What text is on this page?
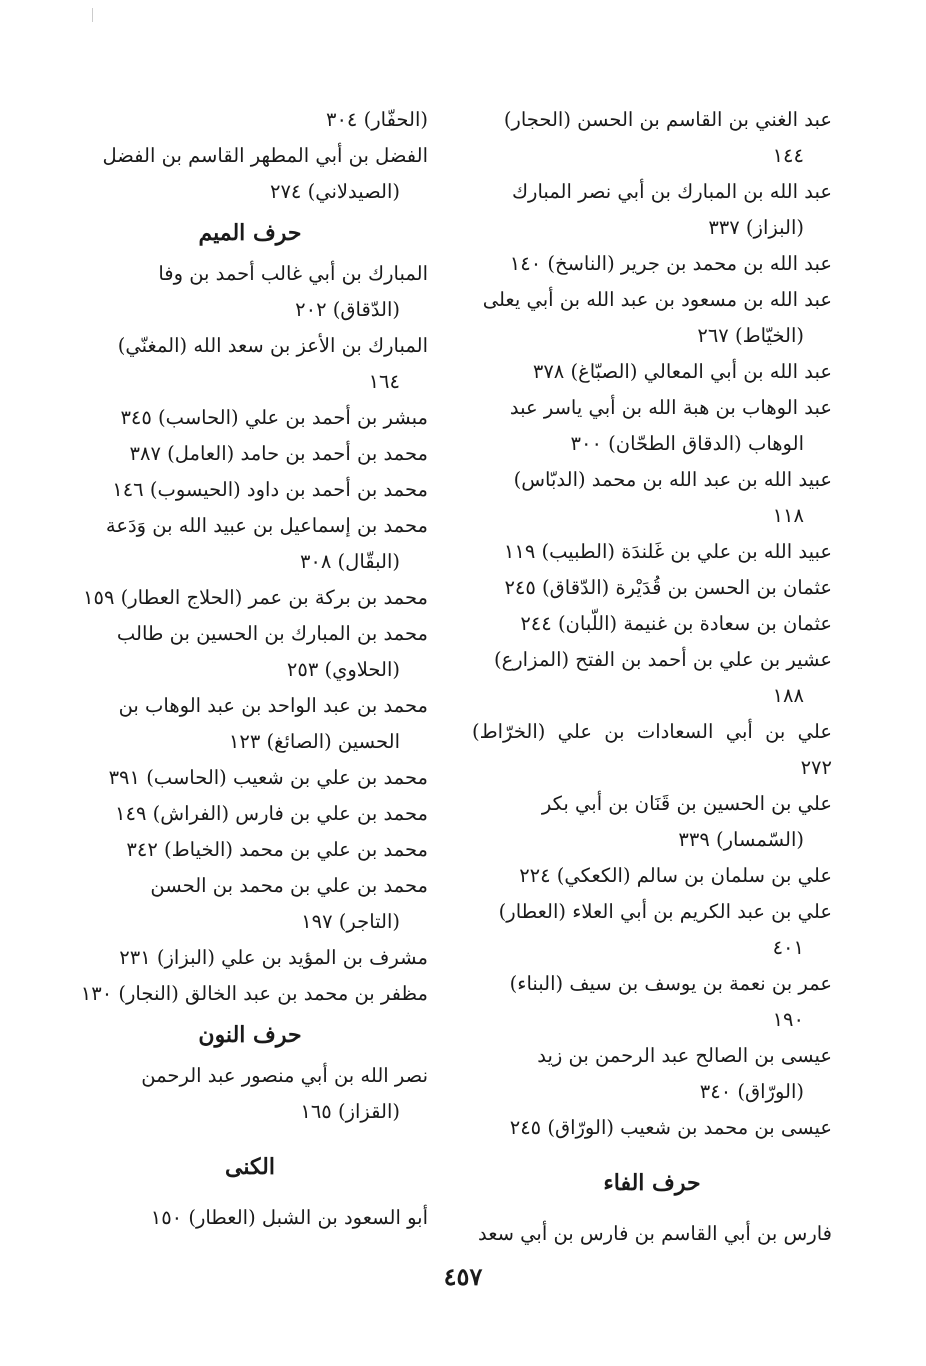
عبد الغني بن القاسم بن الحسن (الحجار)
١٤٤

عبد الله بن المبارك بن أبي نصر المبارك
(البزاز) ٣٣٧

عبد الله بن محمد بن جرير (الناسخ) ١٤٠

عبد الله بن مسعود بن عبد الله بن أبي يعلى
(الخيّاط) ٢٦٧

عبد الله بن أبي المعالي (الصبّاغ) ٣٧٨

عبد الوهاب بن هبة الله بن أبي ياسر عبد
الوهاب (الدقاق الطحّان) ٣٠٠

عبيد الله بن عبد الله بن محمد (الدبّاس)
١١٨

عبيد الله بن علي بن غَلندَة (الطبيب) ١١٩

عثمان بن الحسن بن قُدَيْرة (الدّقاق) ٢٤٥

عثمان بن سعادة بن غنيمة (اللّبان) ٢٤٤

عشير بن علي بن أحمد بن الفتح (المزارع)
١٨٨

علي بن أبي السعادات بن علي (الخرّاط) ٢٧٢

علي بن الحسين بن قَنَان بن أبي بكر
(السّمسار) ٣٣٩

علي بن سلمان بن سالم (الكعكي) ٢٢٤

علي بن عبد الكريم بن أبي العلاء (العطار)
٤٠١

عمر بن نعمة بن يوسف بن سيف (البناء)
١٩٠

عيسى بن الصالح عبد الرحمن بن زيد
(الورّاق) ٣٤٠

عيسى بن محمد بن شعيب (الورّاق) ٢٤٥

حرف الفاء

فارس بن أبي القاسم بن فارس بن أبي سعد

(الحفّار) ٣٠٤

الفضل بن أبي المطهر القاسم بن الفضل
(الصيدلاني) ٢٧٤

حرف الميم

المبارك بن أبي غالب أحمد بن وفا
(الدّقاق) ٢٠٢

المبارك بن الأعز بن سعد الله (المغنّي)
١٦٤

مبشر بن أحمد بن علي (الحاسب) ٣٤٥

محمد بن أحمد بن حامد (العامل) ٣٨٧

محمد بن أحمد بن داود (الحيسوب) ١٤٦

محمد بن إسماعيل بن عبيد الله بن وَدَعة
(البقّال) ٣٠٨

محمد بن بركة بن عمر (الحلاج العطار) ١٥٩

محمد بن المبارك بن الحسين بن طالب
(الحلاوي) ٢٥٣

محمد بن عبد الواحد بن عبد الوهاب بن
الحسين (الصائغ) ١٢٣

محمد بن علي بن شعيب (الحاسب) ٣٩١

محمد بن علي بن فارس (الفراش) ١٤٩

محمد بن علي بن محمد (الخياط) ٣٤٢

محمد بن علي بن محمد بن الحسن
(التاجر) ١٩٧

مشرف بن المؤيد بن علي (البزاز) ٢٣١

مظفر بن محمد بن عبد الخالق (النجار) ١٣٠

حرف النون

نصر الله بن أبي منصور عبد الرحمن
(القزاز) ١٦٥

الكنى

أبو السعود بن الشبل (العطار) ١٥٠

٤٥٧
